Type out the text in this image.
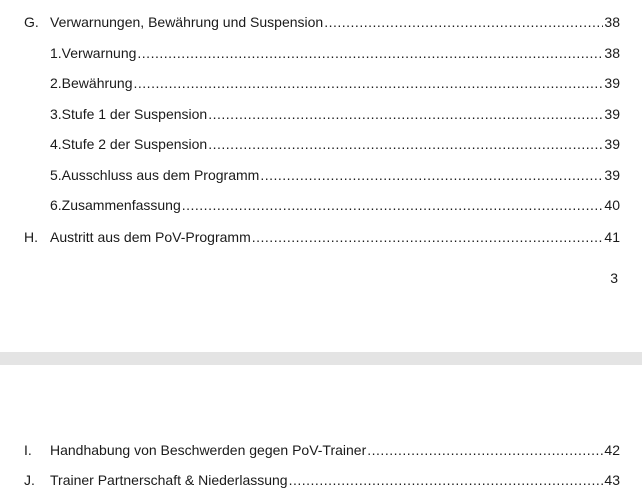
G. Verwarnungen, Bewährung und Suspension .....	38
1.Verwarnung .....	38
2.Bewährung .....	39
3.Stufe 1 der Suspension .....	39
4.Stufe 2 der Suspension .....	39
5.Ausschluss aus dem Programm .....	39
6.Zusammenfassung .....	40
H. Austritt aus dem PoV-Programm .....	41
3
I.	Handhabung von Beschwerden gegen PoV-Trainer .....	42
J.	Trainer Partnerschaft & Niederlassung .....	43
